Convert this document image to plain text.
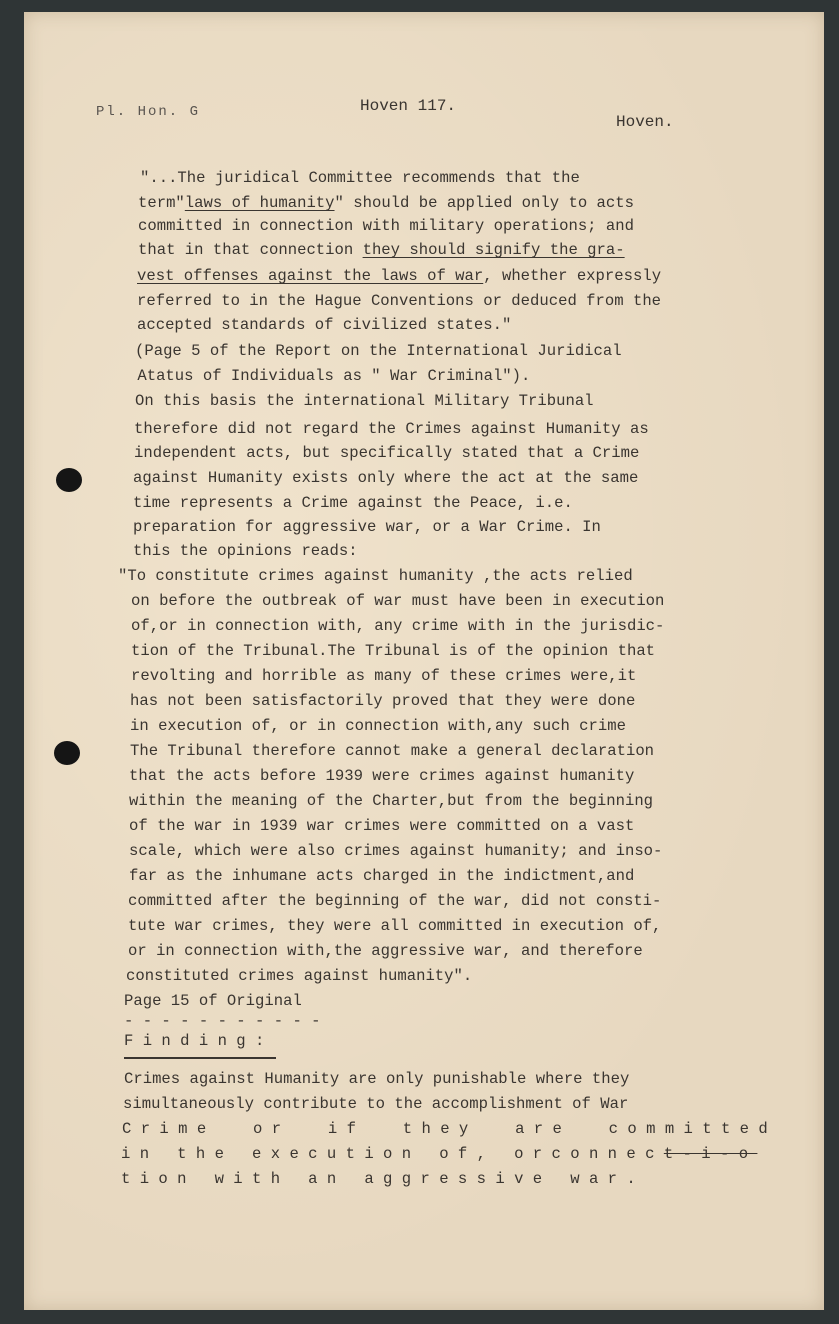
Pl. Hon. G	Hoven 117.
Hoven.
"...The juridical Committee recommends that the
term"laws of humanity" should be applied only to acts
committed in connection with military operations; and
that in that connection they should signify the gra-
vest offenses against the laws of war, whether expressly
referred to in the Hague Conventions or deduced from the
accepted standards of civilized states."
(Page 5 of the Report on the International Juridical
Atatus of Individuals as " War Criminal").
On this basis the international Military Tribunal
therefore did not regard the Crimes against Humanity as
independent acts, but specifically stated that a Crime
against Humanity exists only where the act at the same
time represents a Crime against the Peace, i.e.
preparation for aggressive war, or a War Crime. In
this the opinions reads:
"To constitute crimes against humanity ,the acts relied
on before the outbreak of war must have been in execution
of,or in connection with, any crime with in the jurisdic-
tion of the Tribunal.The Tribunal is of the opinion that
revolting and horrible as many of these crimes were,it
has not been satisfactorily proved that they were done
in execution of, or in connection with,any such crime
The Tribunal therefore cannot make a general declaration
that the acts before 1939 were crimes against humanity
within the meaning of the Charter,but from the beginning
of the war in 1939 war crimes were committed on a vast
scale, which were also crimes against humanity; and inso-
far as the inhumane acts charged in the indictment,and
committed after the beginning of the war, did not consti-
tute war crimes, they were all committed in execution of,
or in connection with,the aggressive war, and therefore
constituted crimes against humanity".
Page 15 of Original
- - - - - - - - - - -
Finding:
Crimes against Humanity are only punishable where they
simultaneously contribute to the accomplishment of War
Crime  or  if  they  are  committed
in the execution of, orconnect-i-o
tion with an aggressive war.
